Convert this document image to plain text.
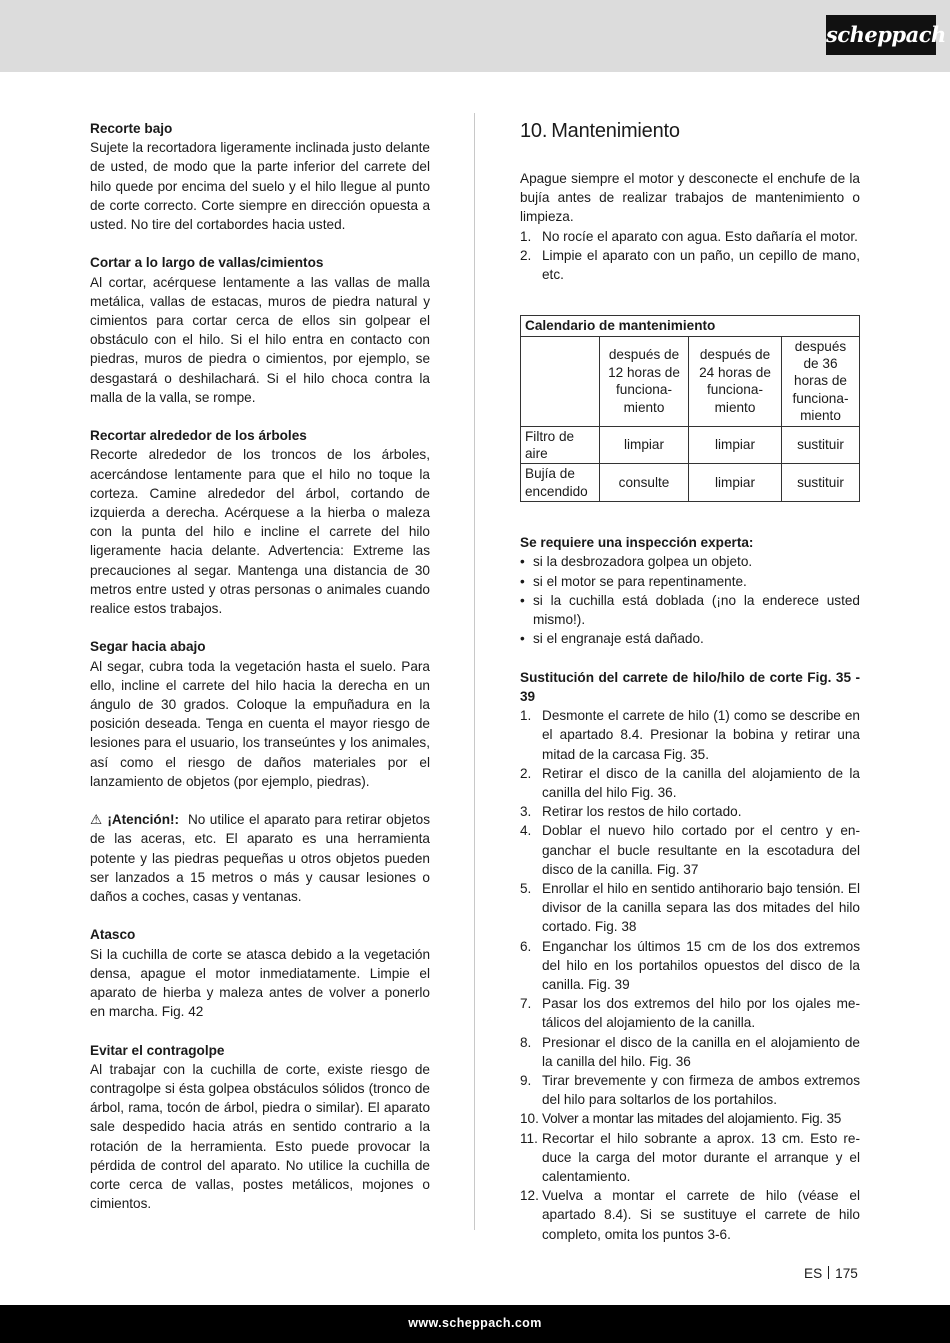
scheppach

Recorte bajo

Sujete la recortadora ligeramente inclinada justo delante de usted, de modo que la parte inferior del carrete del hilo quede por encima del suelo y el hilo llegue al punto de corte correcto. Corte siempre en dirección opuesta a usted. No tire del cortabordes hacia usted.

Cortar a lo largo de vallas/cimientos

Al cortar, acérquese lentamente a las vallas de malla metálica, vallas de estacas, muros de piedra natural y cimientos para cortar cerca de ellos sin golpear el obstáculo con el hilo. Si el hilo entra en contacto con piedras, muros de piedra o cimientos, por ejemplo, se desgastará o deshilachará. Si el hilo choca contra la malla de la valla, se rompe.

Recortar alrededor de los árboles

Recorte alrededor de los troncos de los árboles, acercándose lentamente para que el hilo no toque la corteza. Camine alrededor del árbol, cortando de izquierda a derecha. Acérquese a la hierba o maleza con la punta del hilo e incline el carrete del hilo ligeramente hacia delante. Advertencia: Extreme las precauciones al segar. Mantenga una distancia de 30 metros entre usted y otras personas o animales cuando realice estos trabajos.

Segar hacia abajo

Al segar, cubra toda la vegetación hasta el suelo. Para ello, incline el carrete del hilo hacia la derecha en un ángulo de 30 grados. Coloque la empuñadura en la posición deseada. Tenga en cuenta el mayor riesgo de lesiones para el usuario, los transeúntes y los animales, así como el riesgo de daños materiales por el lanzamiento de objetos (por ejemplo, piedras).

⚠ ¡Atención!: No utilice el aparato para retirar objetos de las aceras, etc. El aparato es una herramienta potente y las piedras pequeñas u otros objetos pueden ser lanzados a 15 metros o más y causar lesiones o daños a coches, casas y ventanas.

Atasco

Si la cuchilla de corte se atasca debido a la vegetación densa, apague el motor inmediatamente. Limpie el aparato de hierba y maleza antes de volver a ponerlo en marcha. Fig. 42

Evitar el contragolpe

Al trabajar con la cuchilla de corte, existe riesgo de contragolpe si ésta golpea obstáculos sólidos (tronco de árbol, rama, tocón de árbol, piedra o similar). El aparato sale despedido hacia atrás en sentido contrario a la rotación de la herramienta. Esto puede provocar la pérdida de control del aparato. No utilice la cuchilla de corte cerca de vallas, postes metálicos, mojones o cimientos.

10. Mantenimiento

Apague siempre el motor y desconecte el enchufe de la bujía antes de realizar trabajos de mantenimiento o limpieza.

1. No rocíe el aparato con agua. Esto dañaría el motor.
2. Limpie el aparato con un paño, un cepillo de mano, etc.
Calendario de mantenimiento			
	después de 12 horas de funcionamiento	después de 24 horas de funcionamiento	después de 36 horas de funcionamiento
Filtro de aire	limpiar	limpiar	sustituir
Bujía de encendido	consulte	limpiar	sustituir

Se requiere una inspección experta:

• si la desbrozadora golpea un objeto.
• si el motor se para repentinamente.
• si la cuchilla está doblada (¡no la enderece usted mismo!).
• si el engranaje está dañado.

Sustitución del carrete de hilo/hilo de corte Fig. 35 - 39

1. Desmonte el carrete de hilo (1) como se describe en el apartado 8.4. Presionar la bobina y retirar una mitad de la carcasa Fig. 35.
2. Retirar el disco de la canilla del alojamiento de la canilla del hilo Fig. 36.
3. Retirar los restos de hilo cortado.
4. Doblar el nuevo hilo cortado por el centro y enganchar el bucle resultante en la escotadura del disco de la canilla. Fig. 37
5. Enrollar el hilo en sentido antihorario bajo tensión. El divisor de la canilla separa las dos mitades del hilo cortado. Fig. 38
6. Enganchar los últimos 15 cm de los dos extremos del hilo en los portahilos opuestos del disco de la canilla. Fig. 39
7. Pasar los dos extremos del hilo por los ojales metálicos del alojamiento de la canilla.
8. Presionar el disco de la canilla en el alojamiento de la canilla del hilo. Fig. 36
9. Tirar brevemente y con firmeza de ambos extremos del hilo para soltarlos de los portahilos.
10. Volver a montar las mitades del alojamiento. Fig. 35
11. Recortar el hilo sobrante a aprox. 13 cm. Esto reduce la carga del motor durante el arranque y el calentamiento.
12. Vuelva a montar el carrete de hilo (véase el apartado 8.4). Si se sustituye el carrete de hilo completo, omita los puntos 3-6.
ES 175
www.scheppach.com
